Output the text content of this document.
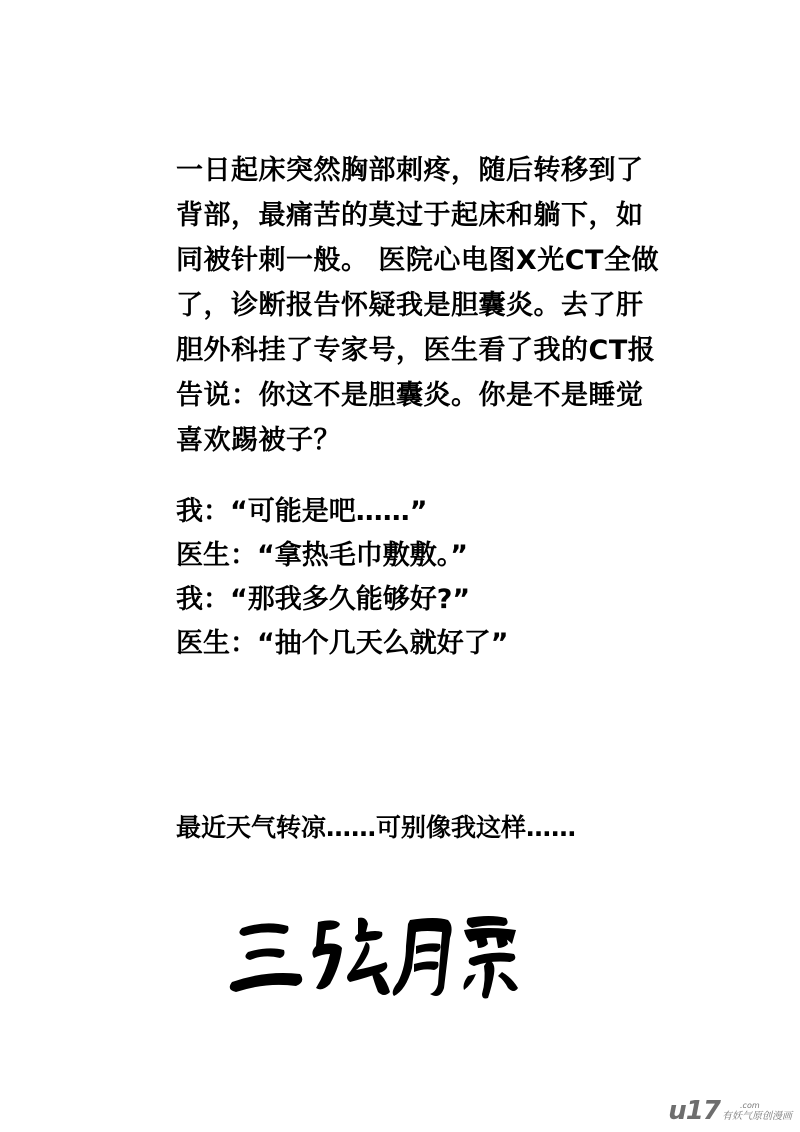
一日起床突然胸部刺疼，随后转移到了
背部，最痛苦的莫过于起床和躺下，如
同被针刺一般。 医院心电图X光CT全做
了，诊断报告怀疑我是胆囊炎。去了肝
胆外科挂了专家号，医生看了我的CT报
告说：你这不是胆囊炎。你是不是睡觉
喜欢踢被子？
我：“可能是吧……”
医生：“拿热毛巾敷敷。”
我：“那我多久能够好?”
医生：“抽个几天么就好了”
最近天气转凉……可别像我这样……
u17	.com
有妖气原创漫画
